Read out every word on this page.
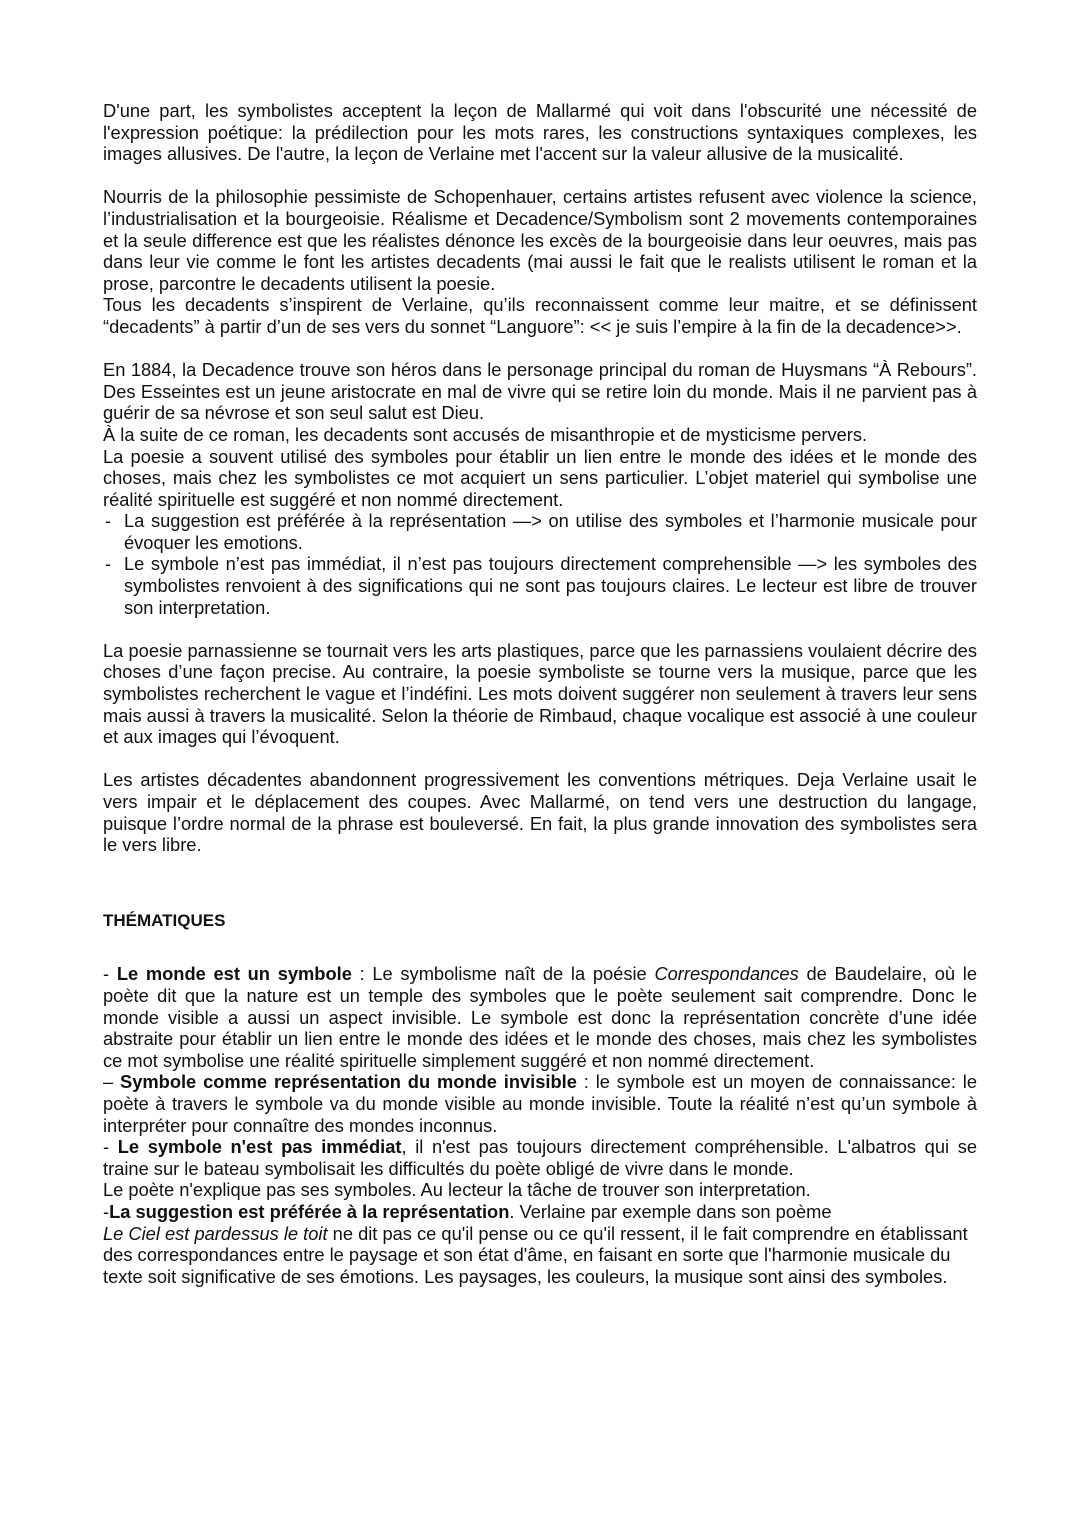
D'une part, les symbolistes acceptent la leçon de Mallarmé qui voit dans l'obscurité une nécessité de l'expression poétique: la prédilection pour les mots rares, les constructions syntaxiques complexes, les images allusives. De l'autre, la leçon de Verlaine met l'accent sur la valeur allusive de la musicalité.

Nourris de la philosophie pessimiste de Schopenhauer, certains artistes refusent avec violence la science, l’industrialisation et la bourgeoisie. Réalisme et Decadence/Symbolism sont 2 movements contemporaines et la seule difference est que les réalistes dénonce les excès de la bourgeoisie dans leur oeuvres, mais pas dans leur vie comme le font les artistes decadents (mai aussi le fait que le realists utilisent le roman et la prose, parcontre le decadents utilisent la poesie.

Tous les decadents s’inspirent de Verlaine, qu’ils reconnaissent comme leur maitre, et se définissent “decadents” à partir d’un de ses vers du sonnet “Languore”: << je suis l’empire à la fin de la decadence>>.

En 1884, la Decadence trouve son héros dans le personage principal du roman de Huysmans “À Rebours”. Des Esseintes est un jeune aristocrate en mal de vivre qui se retire loin du monde. Mais il ne parvient pas à guérir de sa névrose et son seul salut est Dieu.

À la suite de ce roman, les decadents sont accusés de misanthropie et de mysticisme pervers.

La poesie a souvent utilisé des symboles pour établir un lien entre le monde des idées et le monde des choses, mais chez les symbolistes ce mot acquiert un sens particulier. L’objet materiel qui symbolise une réalité spirituelle est suggéré et non nommé directement.

- La suggestion est préférée à la représentation —> on utilise des symboles et l’harmonie musicale pour évoquer les emotions.
- Le symbole n’est pas immédiat, il n’est pas toujours directement comprehensible —> les symboles des symbolistes renvoient à des significations qui ne sont pas toujours claires. Le lecteur est libre de trouver son interpretation.

La poesie parnassienne se tournait vers les arts plastiques, parce que les parnassiens voulaient décrire des choses d’une façon precise. Au contraire, la poesie symboliste se tourne vers la musique, parce que les symbolistes recherchent le vague et l’indéfini. Les mots doivent suggérer non seulement à travers leur sens mais aussi à travers la musicalité. Selon la théorie de Rimbaud, chaque vocalique est associé à une couleur et aux images qui l’évoquent.

Les artistes décadentes abandonnent progressivement les conventions métriques. Deja Verlaine usait le vers impair et le déplacement des coupes. Avec Mallarmé, on tend vers une destruction du langage, puisque l’ordre normal de la phrase est bouleversé. En fait, la plus grande innovation des symbolistes sera le vers libre.

THÉMATIQUES

- Le monde est un symbole : Le symbolisme naît de la poésie Correspondances de Baudelaire, où le poète dit que la nature est un temple des symboles que le poète seulement sait comprendre. Donc le monde visible a aussi un aspect invisible. Le symbole est donc la représentation concrète d’une idée abstraite pour établir un lien entre le monde des idées et le monde des choses, mais chez les symbolistes ce mot symbolise une réalité spirituelle simplement suggéré et non nommé directement.

– Symbole comme représentation du monde invisible : le symbole est un moyen de connaissance: le poète à travers le symbole va du monde visible au monde invisible. Toute la réalité n’est qu’un symbole à interpréter pour connaître des mondes inconnus.

- Le symbole n'est pas immédiat, il n'est pas toujours directement compréhensible. L'albatros qui se traine sur le bateau symbolisait les difficultés du poète obligé de vivre dans le monde.

Le poète n'explique pas ses symboles. Au lecteur la tâche de trouver son interpretation.

-La suggestion est préférée à la représentation. Verlaine par exemple dans son poème
Le Ciel est pardessus le toit ne dit pas ce qu'il pense ou ce qu'il ressent, il le fait comprendre en établissant des correspondances entre le paysage et son état d'âme, en faisant en sorte que l'harmonie musicale du texte soit significative de ses émotions. Les paysages, les couleurs, la musique sont ainsi des symboles.
